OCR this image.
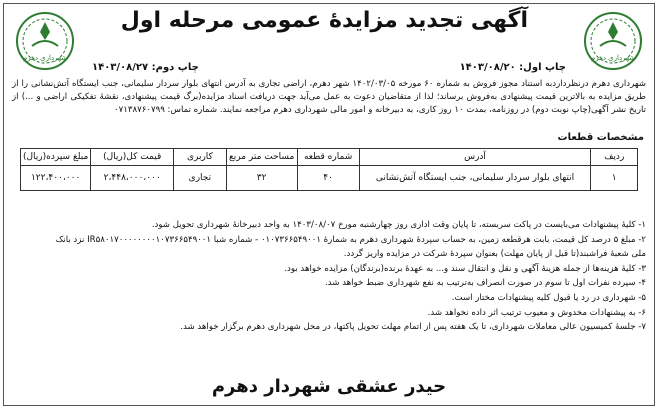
شهرداری دهرم
شهرداری دهرم
آگهی تجدید مزایدهٔ عمومی مرحله اول
چاپ اول: ۱۴۰۳/۰۸/۲۰
چاپ دوم: ۱۴۰۳/۰۸/۲۷
شهرداری دهرم درنظرداردبه استناد مجوز فروش به شماره ۶۰ مورخه ۱۴۰۲/۰۳/۰۵ شهر دهرم، اراضی تجاری به آدرس انتهای بلوار سردار سلیمانی، جنب ایستگاه آتش‌نشانی را از طریق مزایده به بالاترین قیمت پیشنهادی به‌فروش برساند؛ لذا از متقاضیان دعوت به عمل می‌آید جهت دریافت اسناد مزایده(برگ قیمت پیشنهادی، نقشهٔ تفکیکی اراضی و ...) از تاریخ نشر آگهی(چاپ نوبت دوم) در روزنامه، بمدت ۱۰ روز کاری، به دبیرخانه و امور مالی شهرداری دهرم مراجعه نمایند. شماره تماس: ۰۷۱۳۸۷۶۰۷۹۹
مشخصات قطعات
ردیف	آدرس	شماره قطعه	مساحت متر مربع	کاربری	قیمت کل(ریال)	مبلغ سپرده(ریال)
۱	انتهای بلوار سردار سلیمانی، جنب ایستگاه آتش‌نشانی	۴۰	۳۲	تجاری	۲،۴۴۸،۰۰۰،۰۰۰	۱۲۲،۴۰۰،۰۰۰
۱- کلیهٔ پیشنهادات می‌بایست در پاکت سربسته، تا پایان وقت اداری روز چهارشنبه مورخ ۱۴۰۳/۰۸/۰۷ به واحد دبیرخانهٔ شهرداری تحویل شود.
۲- مبلغ ۵ درصد کل قیمت، بابت هرقطعه زمین، به حساب سپردهٔ شهرداری دهرم به شمارهٔ ۰۱۰۷۳۶۶۵۴۹۰۰۱ - شماره شبا IR۵۸۰۱۷۰۰۰۰۰۰۰۰۱۰۷۳۶۶۵۴۹۰۰۱ نزد بانک
ملی شعبهٔ فراشبند(تا قبل از پایان مهلت) بعنوان سپردهٔ شرکت در مزایده واریز گردد.
۳- کلیهٔ هزینه‌ها از جمله هزینهٔ آگهی و نقل و انتقال سند و... به عهدهٔ برنده(برندگان) مزایده خواهد بود.
۴- سپرده نفرات اول تا سوم در صورت انصراف به‌ترتیب به نفع شهرداری ضبط خواهد شد.
۵- شهرداری در رد یا قبول کلیه پیشنهادات مختار است.
۶- به پیشنهادات مخدوش و معیوب ترتیب اثر داده نخواهد شد.
۷- جلسهٔ کمیسیون عالی معاملات شهرداری، تا یک هفته پس از اتمام مهلت تحویل پاکتها، در محل شهرداری دهرم برگزار خواهد شد.
حیدر عشقی شهردار دهرم
